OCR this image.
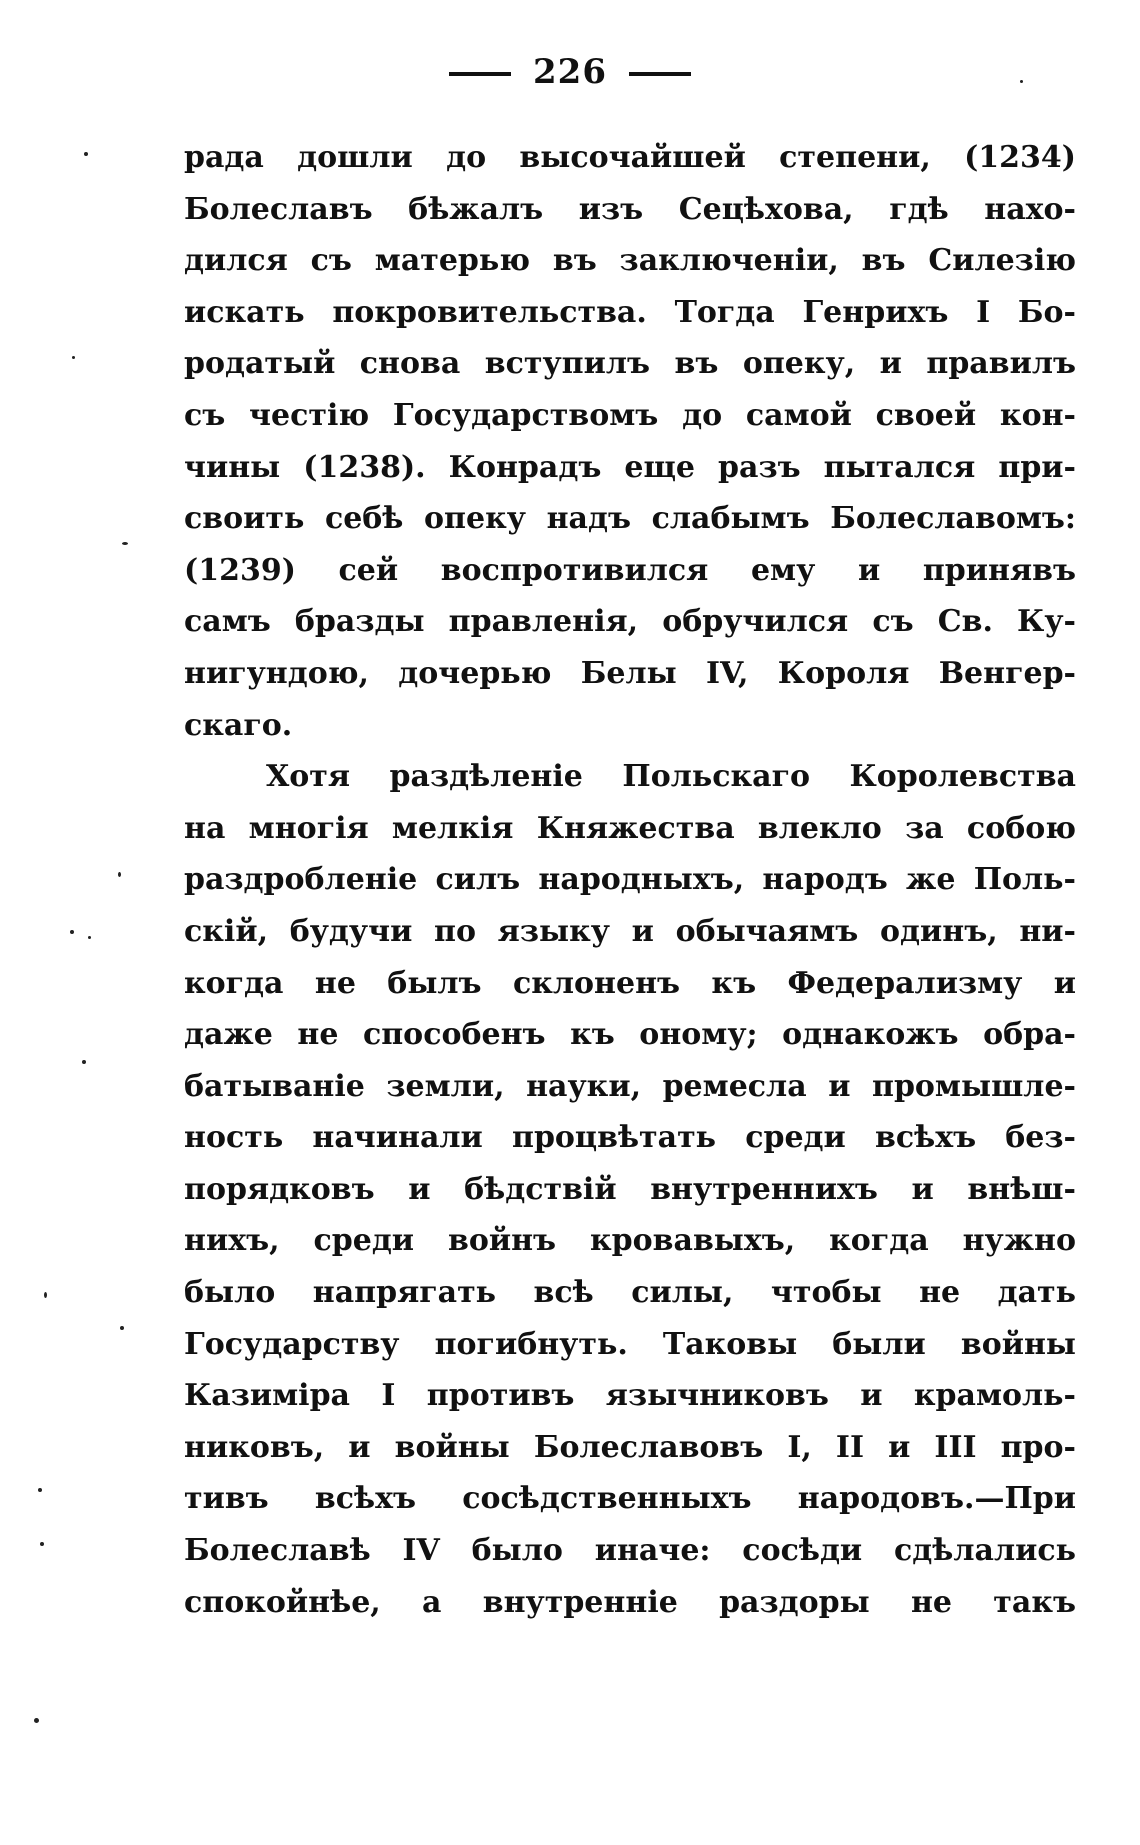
226
рада дошли до высочайшей степени, (1234)
Болеславъ бѣжалъ изъ Сецѣхова, гдѣ нахо-
дился съ матерью въ заключеніи, въ Силезію
искать покровительства. Тогда Генрихъ I Бо-
родатый снова вступилъ въ опеку, и правилъ
съ честію Государствомъ до самой своей кон-
чины (1238). Конрадъ еще разъ пытался при-
своить себѣ опеку надъ слабымъ Болеславомъ:
(1239) сей воспротивился ему и принявъ
самъ бразды правленія, обручился съ Св. Ку-
нигундою, дочерью Белы IV, Короля Венгер-
скаго.
Хотя раздѣленіе Польскаго Королевства
на многія мелкія Княжества влекло за собою
раздробленіе силъ народныхъ, народъ же Поль-
скій, будучи по языку и обычаямъ одинъ, ни-
когда не былъ склоненъ къ Федерализму и
даже не способенъ къ оному; однакожъ обра-
батываніе земли, науки, ремесла и промышле-
ность начинали процвѣтать среди всѣхъ без-
порядковъ и бѣдствій внутреннихъ и внѣш-
нихъ, среди войнъ кровавыхъ, когда нужно
было напрягать всѣ силы, чтобы не дать
Государству погибнуть. Таковы были войны
Казиміра I противъ язычниковъ и крамоль-
никовъ, и войны Болеславовъ I, II и III про-
тивъ всѣхъ сосѣдственныхъ народовъ.—При
Болеславѣ IV было иначе: сосѣди сдѣлались
спокойнѣе, а внутренніе раздоры не такъ
